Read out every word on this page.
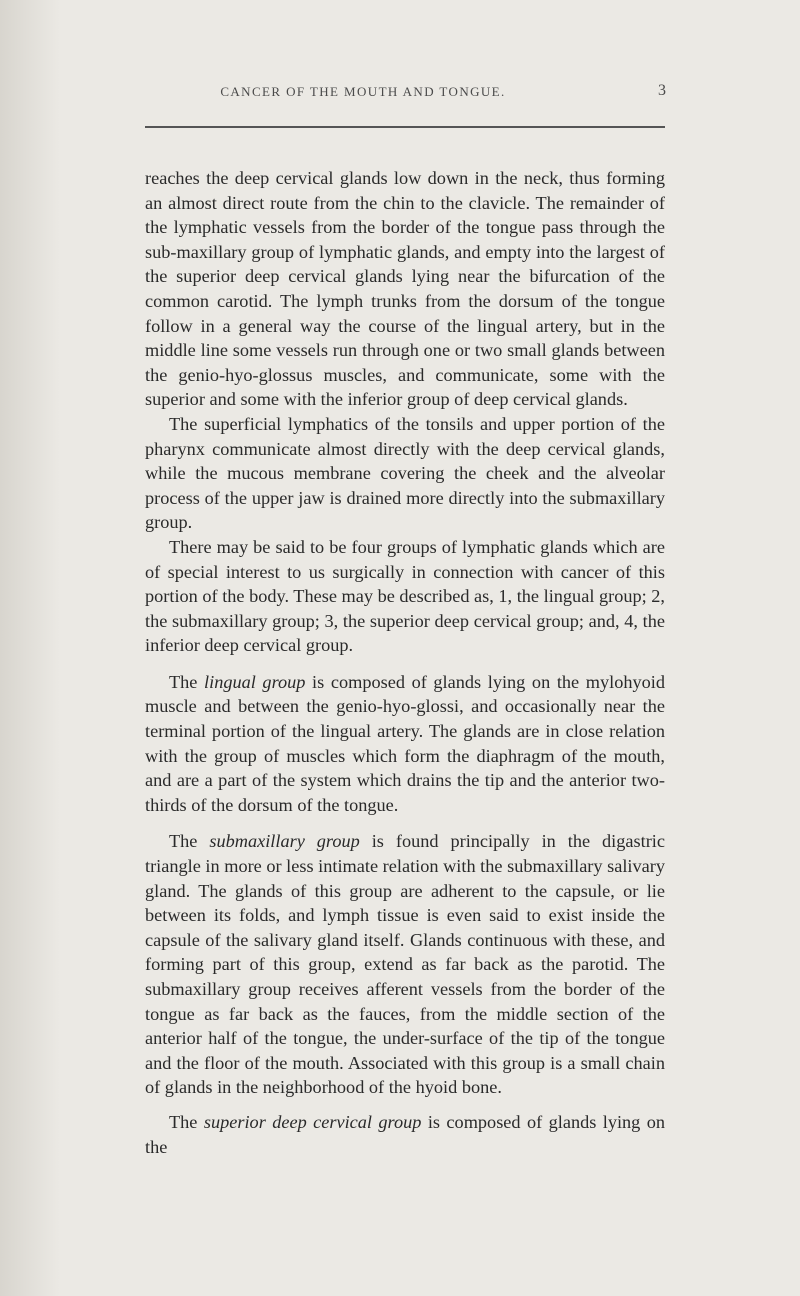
CANCER OF THE MOUTH AND TONGUE.	3

reaches the deep cervical glands low down in the neck, thus forming an almost direct route from the chin to the clavicle. The remainder of the lymphatic vessels from the border of the tongue pass through the sub-maxillary group of lymphatic glands, and empty into the largest of the superior deep cervical glands lying near the bifurcation of the common carotid. The lymph trunks from the dorsum of the tongue follow in a general way the course of the lingual artery, but in the middle line some vessels run through one or two small glands between the genio-hyo-glossus muscles, and communicate, some with the superior and some with the inferior group of deep cervical glands.

The superficial lymphatics of the tonsils and upper portion of the pharynx communicate almost directly with the deep cervical glands, while the mucous membrane covering the cheek and the alveolar process of the upper jaw is drained more directly into the submaxillary group.

There may be said to be four groups of lymphatic glands which are of special interest to us surgically in connection with cancer of this portion of the body. These may be described as, 1, the lingual group; 2, the submaxillary group; 3, the superior deep cervical group; and, 4, the inferior deep cervical group.

The lingual group is composed of glands lying on the mylohyoid muscle and between the genio-hyo-glossi, and occasionally near the terminal portion of the lingual artery. The glands are in close relation with the group of muscles which form the diaphragm of the mouth, and are a part of the system which drains the tip and the anterior two-thirds of the dorsum of the tongue.

The submaxillary group is found principally in the digastric triangle in more or less intimate relation with the submaxillary salivary gland. The glands of this group are adherent to the capsule, or lie between its folds, and lymph tissue is even said to exist inside the capsule of the salivary gland itself. Glands continuous with these, and forming part of this group, extend as far back as the parotid. The submaxillary group receives afferent vessels from the border of the tongue as far back as the fauces, from the middle section of the anterior half of the tongue, the under-surface of the tip of the tongue and the floor of the mouth. Associated with this group is a small chain of glands in the neighborhood of the hyoid bone.

The superior deep cervical group is composed of glands lying on the
